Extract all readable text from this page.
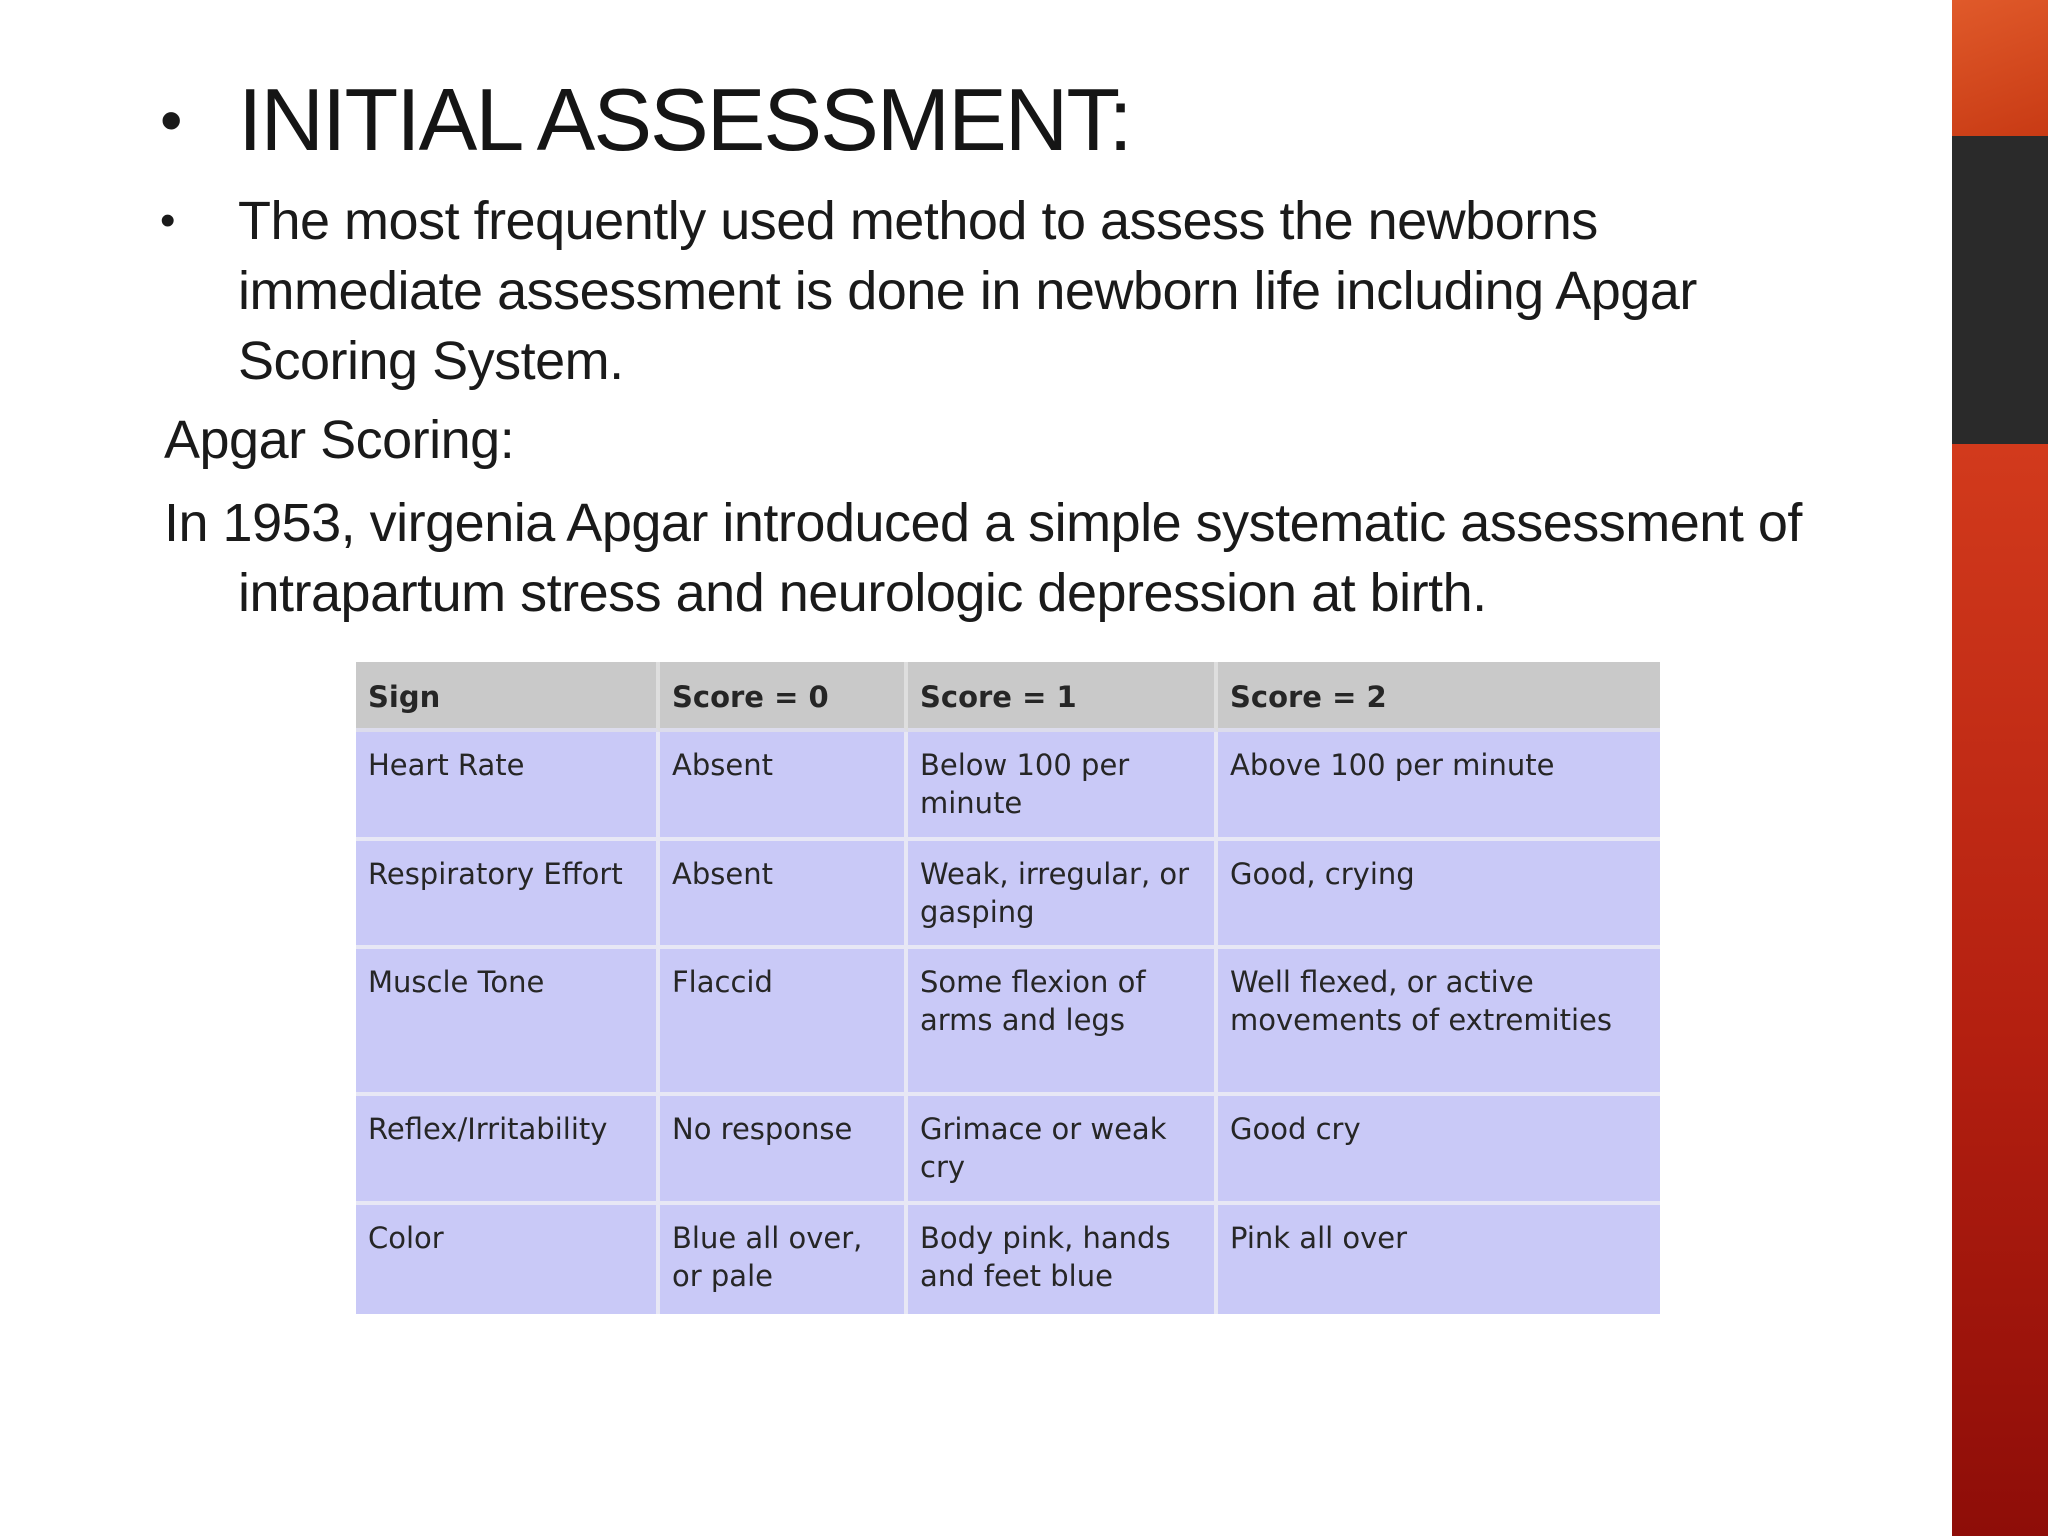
• INITIAL ASSESSMENT:
•	The most frequently used method to assess the newborns immediate assessment is done in newborn life including Apgar Scoring System.
Apgar Scoring:
In 1953, virgenia Apgar introduced a simple systematic assessment of intrapartum stress and neurologic depression at birth.
Sign	Score = 0	Score = 1	Score = 2
Heart Rate	Absent	Below 100 per minute	Above 100 per minute
Respiratory Effort	Absent	Weak, irregular, or gasping	Good, crying
Muscle Tone	Flaccid	Some flexion of arms and legs	Well flexed, or active movements of extremities
Reflex/Irritability	No response	Grimace or weak cry	Good cry
Color	Blue all over, or pale	Body pink, hands and feet blue	Pink all over
